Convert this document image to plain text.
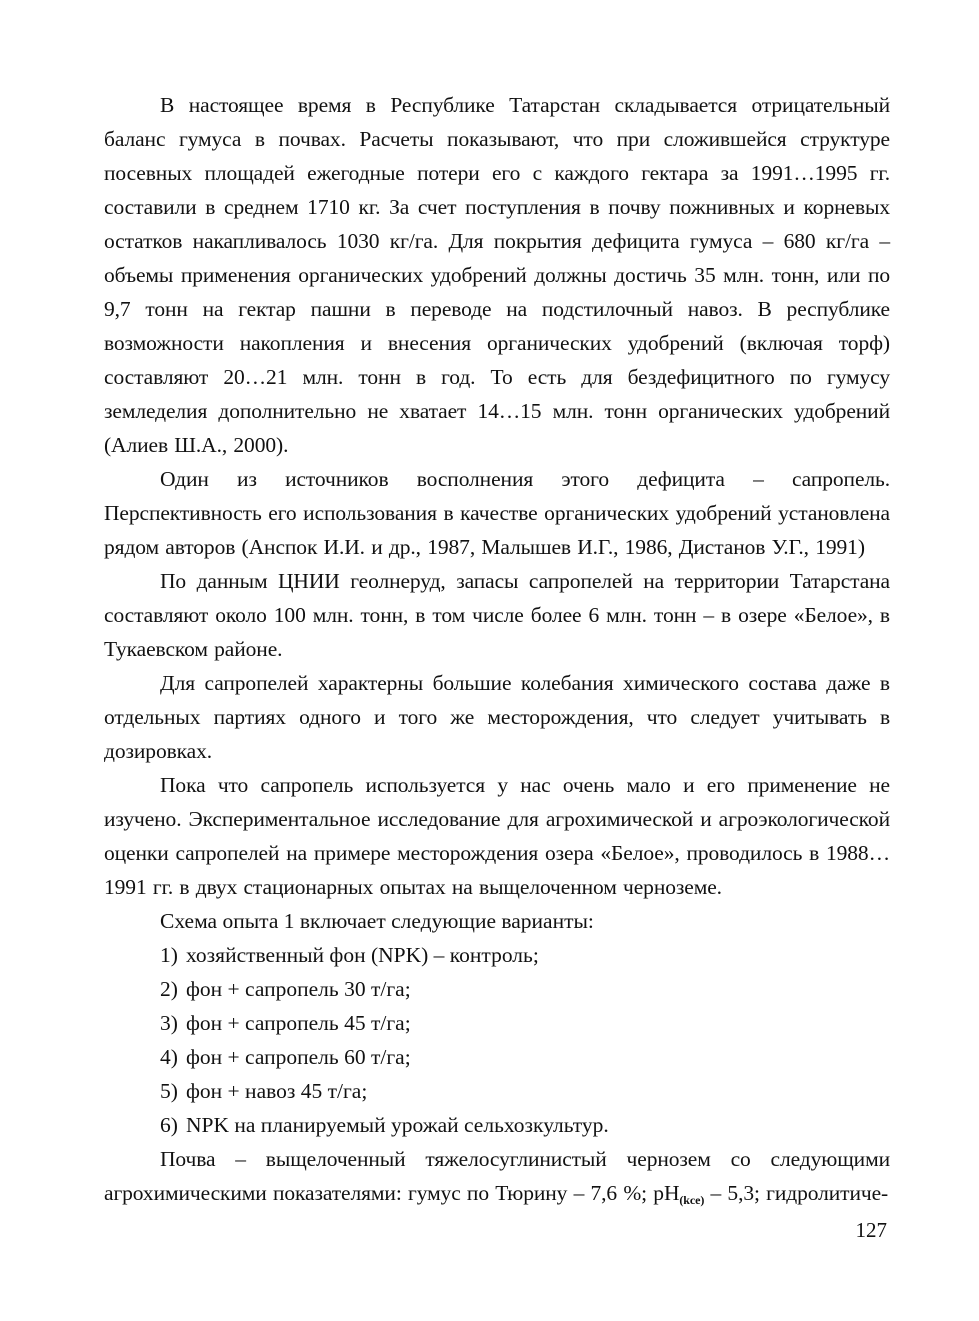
В настоящее время в Республике Татарстан складывается отрицательный баланс гумуса в почвах. Расчеты показывают, что при сложившейся структуре посевных площадей ежегодные потери его с каждого гектара за 1991…1995 гг. составили в среднем 1710 кг. За счет поступления в почву пожнивных и корневых остатков накапливалось 1030 кг/га. Для покрытия дефицита гумуса – 680 кг/га – объемы применения органических удобрений должны достичь 35 млн. тонн, или по 9,7 тонн на гектар пашни в переводе на подстилочный навоз. В республике возможности накопления и внесения органических удобрений (включая торф) составляют 20…21 млн. тонн в год. То есть для бездефицитного по гумусу земледелия дополнительно не хватает 14…15 млн. тонн органических удобрений (Алиев Ш.А., 2000).

Один из источников восполнения этого дефицита – сапропель. Перспективность его использования в качестве органических удобрений установлена рядом авторов (Анспок И.И. и др., 1987, Малышев И.Г., 1986, Дистанов У.Г., 1991)

По данным ЦНИИ геолнеруд, запасы сапропелей на территории Татарстана составляют около 100 млн. тонн, в том числе более 6 млн. тонн – в озере «Белое», в Тукаевском районе.

Для сапропелей характерны большие колебания химического состава даже в отдельных партиях одного и того же месторождения, что следует учитывать в дозировках.

Пока что сапропель используется у нас очень мало и его применение не изучено. Экспериментальное исследование для агрохимической и агроэкологической оценки сапропелей на примере месторождения озера «Белое», проводилось в 1988…1991 гг. в двух стационарных опытах на выщелоченном черноземе.

Схема опыта 1 включает следующие варианты:

1) хозяйственный фон (NPK) – контроль;
2) фон + сапропель 30 т/га;
3) фон + сапропель 45 т/га;
4) фон + сапропель 60 т/га;
5) фон + навоз 45 т/га;
6) NPK на планируемый урожай сельхозкультур.

Почва – выщелоченный тяжелосуглинистый чернозем со следующими агрохимическими показателями: гумус по Тюрину – 7,6 %; $pH_{(kce)} - 5,3$; гидролитиче-

127
